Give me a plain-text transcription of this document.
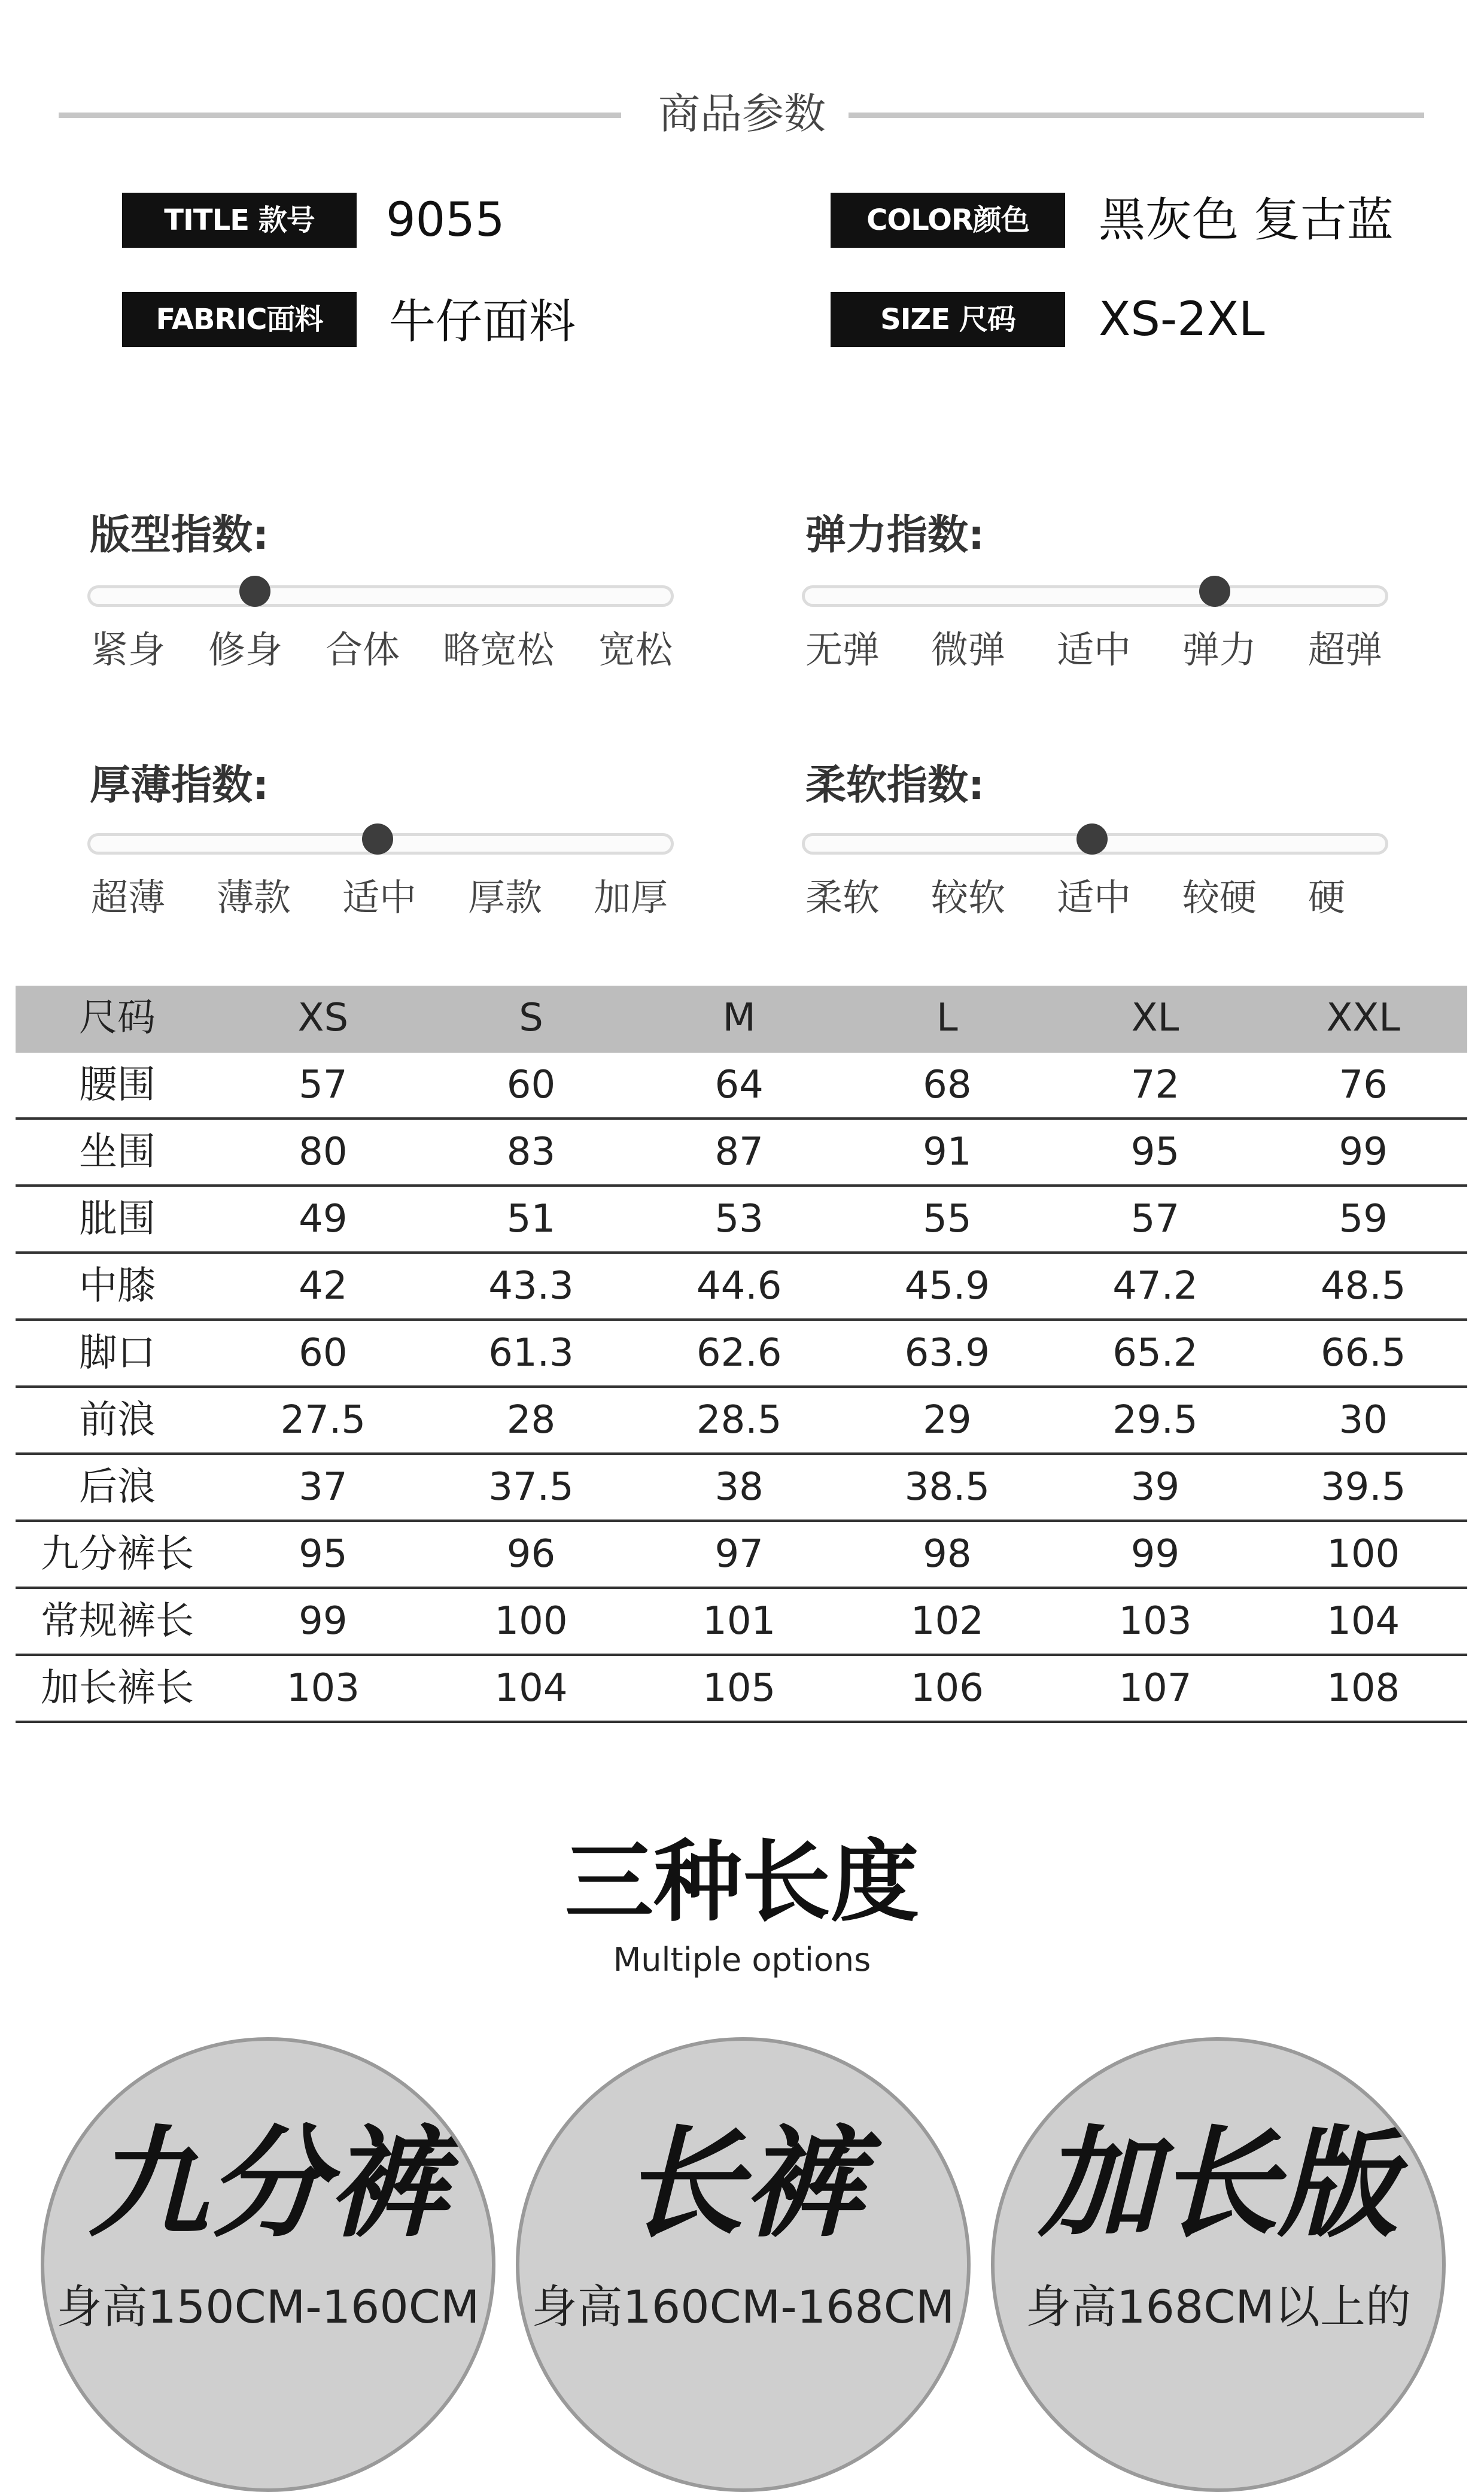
商品参数
TITLE 款号	9055	COLOR颜色	黑灰色 复古蓝
FABRIC面料	牛仔面料	SIZE 尺码	XS-2XL
版型指数:
紧身 修身 合体 略宽松 宽松
弹力指数:
无弹 微弹 适中 弹力 超弹
厚薄指数:
超薄 薄款 适中 厚款 加厚
柔软指数:
柔软 较软 适中 较硬 硬
尺码	XS	S	M	L	XL	XXL
腰围	57	60	64	68	72	76
坐围	80	83	87	91	95	99
肶围	49	51	53	55	57	59
中膝	42	43.3	44.6	45.9	47.2	48.5
脚口	60	61.3	62.6	63.9	65.2	66.5
前浪	27.5	28	28.5	29	29.5	30
后浪	37	37.5	38	38.5	39	39.5
九分裤长	95	96	97	98	99	100
常规裤长	99	100	101	102	103	104
加长裤长	103	104	105	106	107	108
三种长度
Multiple options
九分裤
身高150CM-160CM
长裤
身高160CM-168CM
加长版
身高168CM以上的
